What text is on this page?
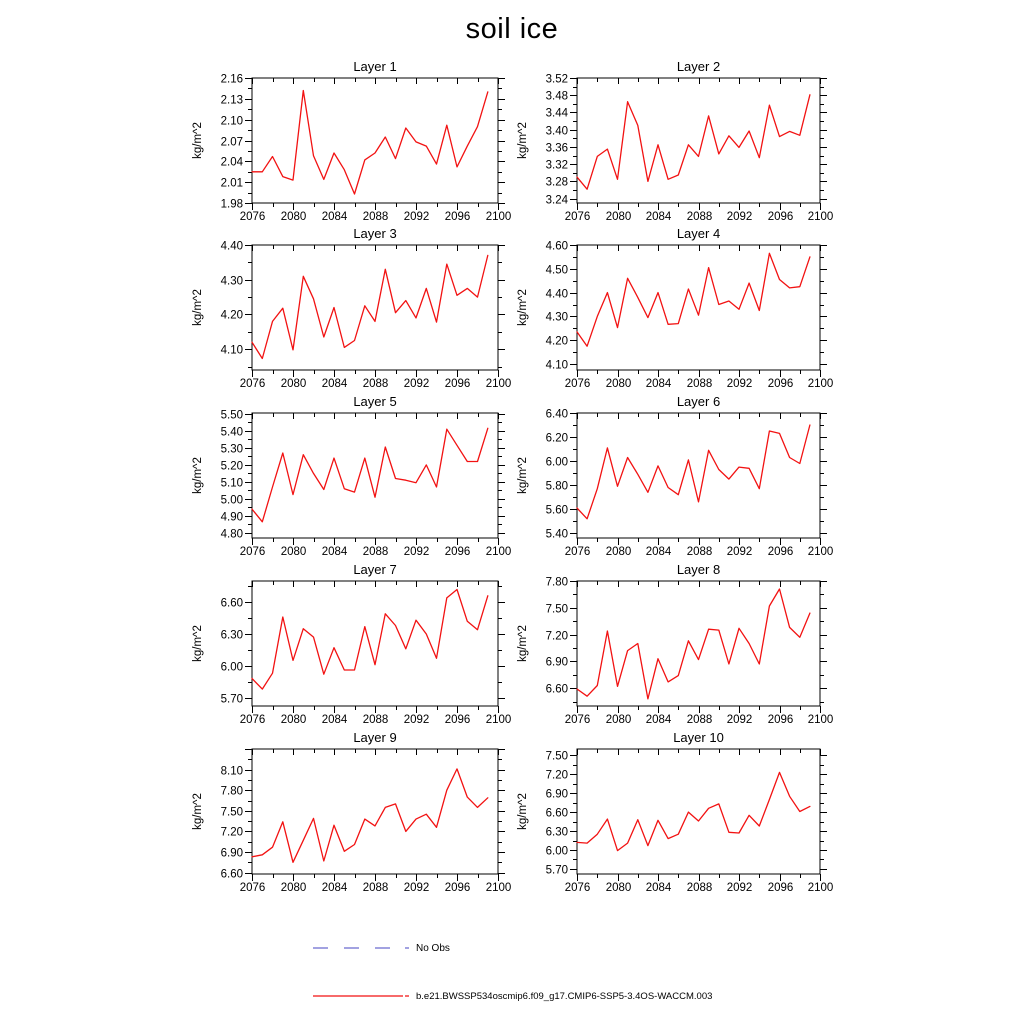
soil ice
Layer 1
kg/m^2
2076 2080 2084 2088 2092 2096 2100
1.98
2.01
2.04
2.07
2.10
2.13
2.16
Layer 2
kg/m^2
2076 2080 2084 2088 2092 2096 2100
3.24
3.28
3.32
3.36
3.40
3.44
3.48
3.52
Layer 3
kg/m^2
2076 2080 2084 2088 2092 2096 2100
4.10
4.20
4.30
4.40
Layer 4
kg/m^2
2076 2080 2084 2088 2092 2096 2100
4.10
4.20
4.30
4.40
4.50
4.60
Layer 5
kg/m^2
2076 2080 2084 2088 2092 2096 2100
4.80
4.90
5.00
5.10
5.20
5.30
5.40
5.50
Layer 6
kg/m^2
2076 2080 2084 2088 2092 2096 2100
5.40
5.60
5.80
6.00
6.20
6.40
Layer 7
kg/m^2
2076 2080 2084 2088 2092 2096 2100
5.70
6.00
6.30
6.60
Layer 8
kg/m^2
2076 2080 2084 2088 2092 2096 2100
6.60
6.90
7.20
7.50
7.80
Layer 9
kg/m^2
2076 2080 2084 2088 2092 2096 2100
6.60
6.90
7.20
7.50
7.80
8.10
Layer 10
kg/m^2
2076 2080 2084 2088 2092 2096 2100
5.70
6.00
6.30
6.60
6.90
7.20
7.50
No Obs
b.e21.BWSSP534oscmip6.f09_g17.CMIP6-SSP5-3.4OS-WACCM.003
